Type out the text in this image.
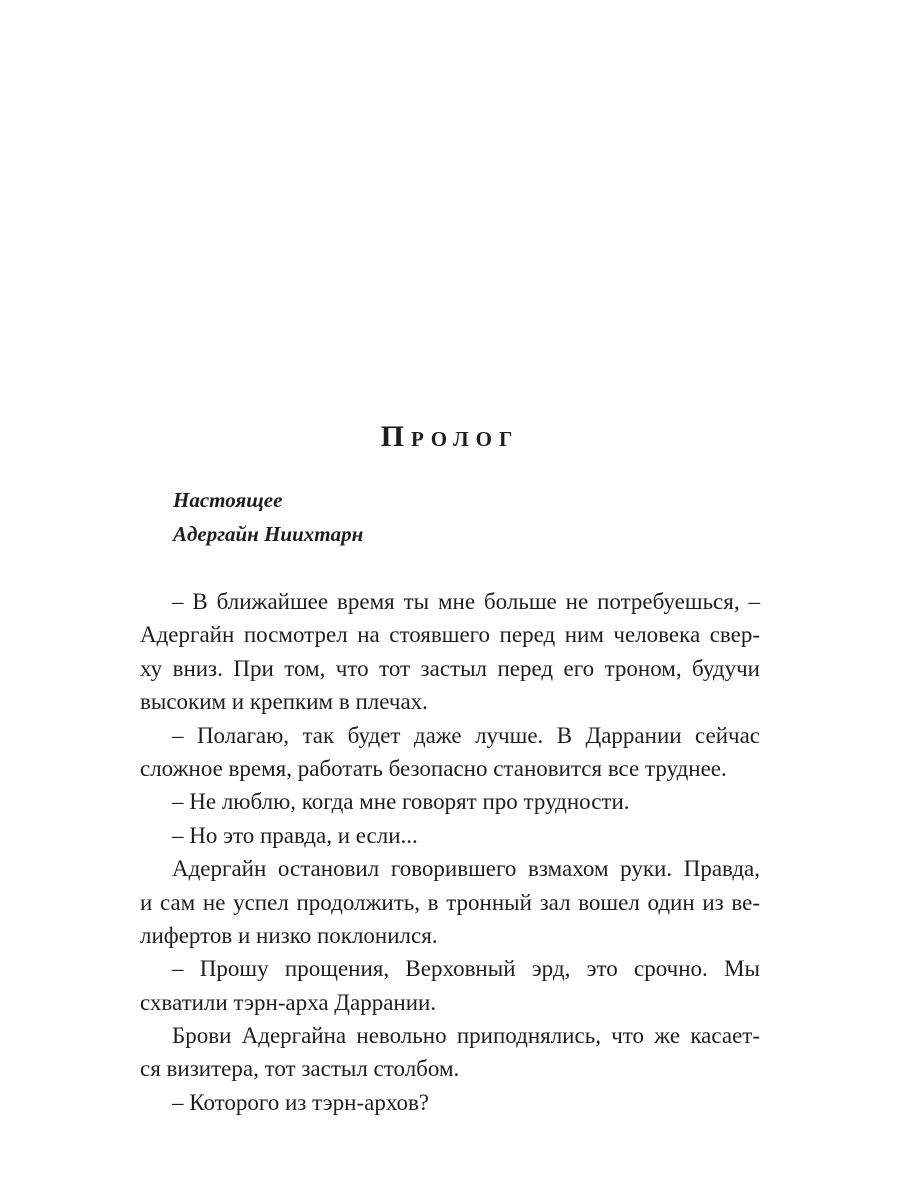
Пролог
Настоящее
Адергайн Ниихтарн
– В ближайшее время ты мне больше не потребуешься, –
Адергайн посмотрел на стоявшего перед ним человека свер-
ху вниз. При том, что тот застыл перед его троном, будучи
высоким и крепким в плечах.
– Полагаю, так будет даже лучше. В Даррании сейчас
сложное время, работать безопасно становится все труднее.
– Не люблю, когда мне говорят про трудности.
– Но это правда, и если...
Адергайн остановил говорившего взмахом руки. Правда,
и сам не успел продолжить, в тронный зал вошел один из ве-
лифертов и низко поклонился.
– Прошу прощения, Верховный эрд, это срочно. Мы
схватили тэрн-арха Даррании.
Брови Адергайна невольно приподнялись, что же касает-
ся визитера, тот застыл столбом.
– Которого из тэрн-архов?
